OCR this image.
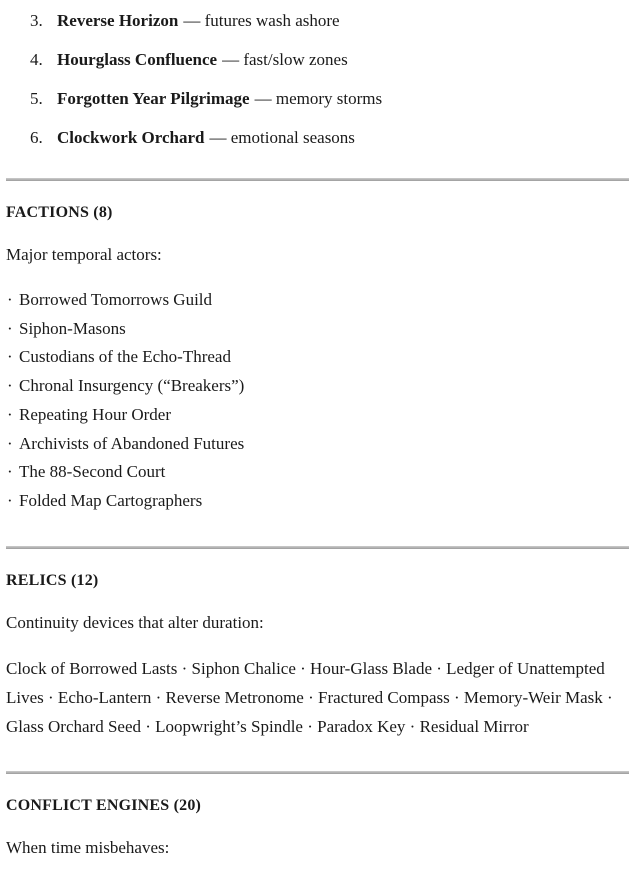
3. Reverse Horizon — futures wash ashore
4. Hourglass Confluence — fast/slow zones
5. Forgotten Year Pilgrimage — memory storms
6. Clockwork Orchard — emotional seasons
FACTIONS (8)

Major temporal actors:

· Borrowed Tomorrows Guild
· Siphon-Masons
· Custodians of the Echo-Thread
· Chronal Insurgency (“Breakers”)
· Repeating Hour Order
· Archivists of Abandoned Futures
· The 88-Second Court
· Folded Map Cartographers
RELICS (12)

Continuity devices that alter duration:

Clock of Borrowed Lasts · Siphon Chalice · Hour-Glass Blade · Ledger of Unattempted Lives · Echo-Lantern · Reverse Metronome · Fractured Compass · Memory-Weir Mask · Glass Orchard Seed · Loopwright’s Spindle · Paradox Key · Residual Mirror

CONFLICT ENGINES (20)

When time misbehaves:
